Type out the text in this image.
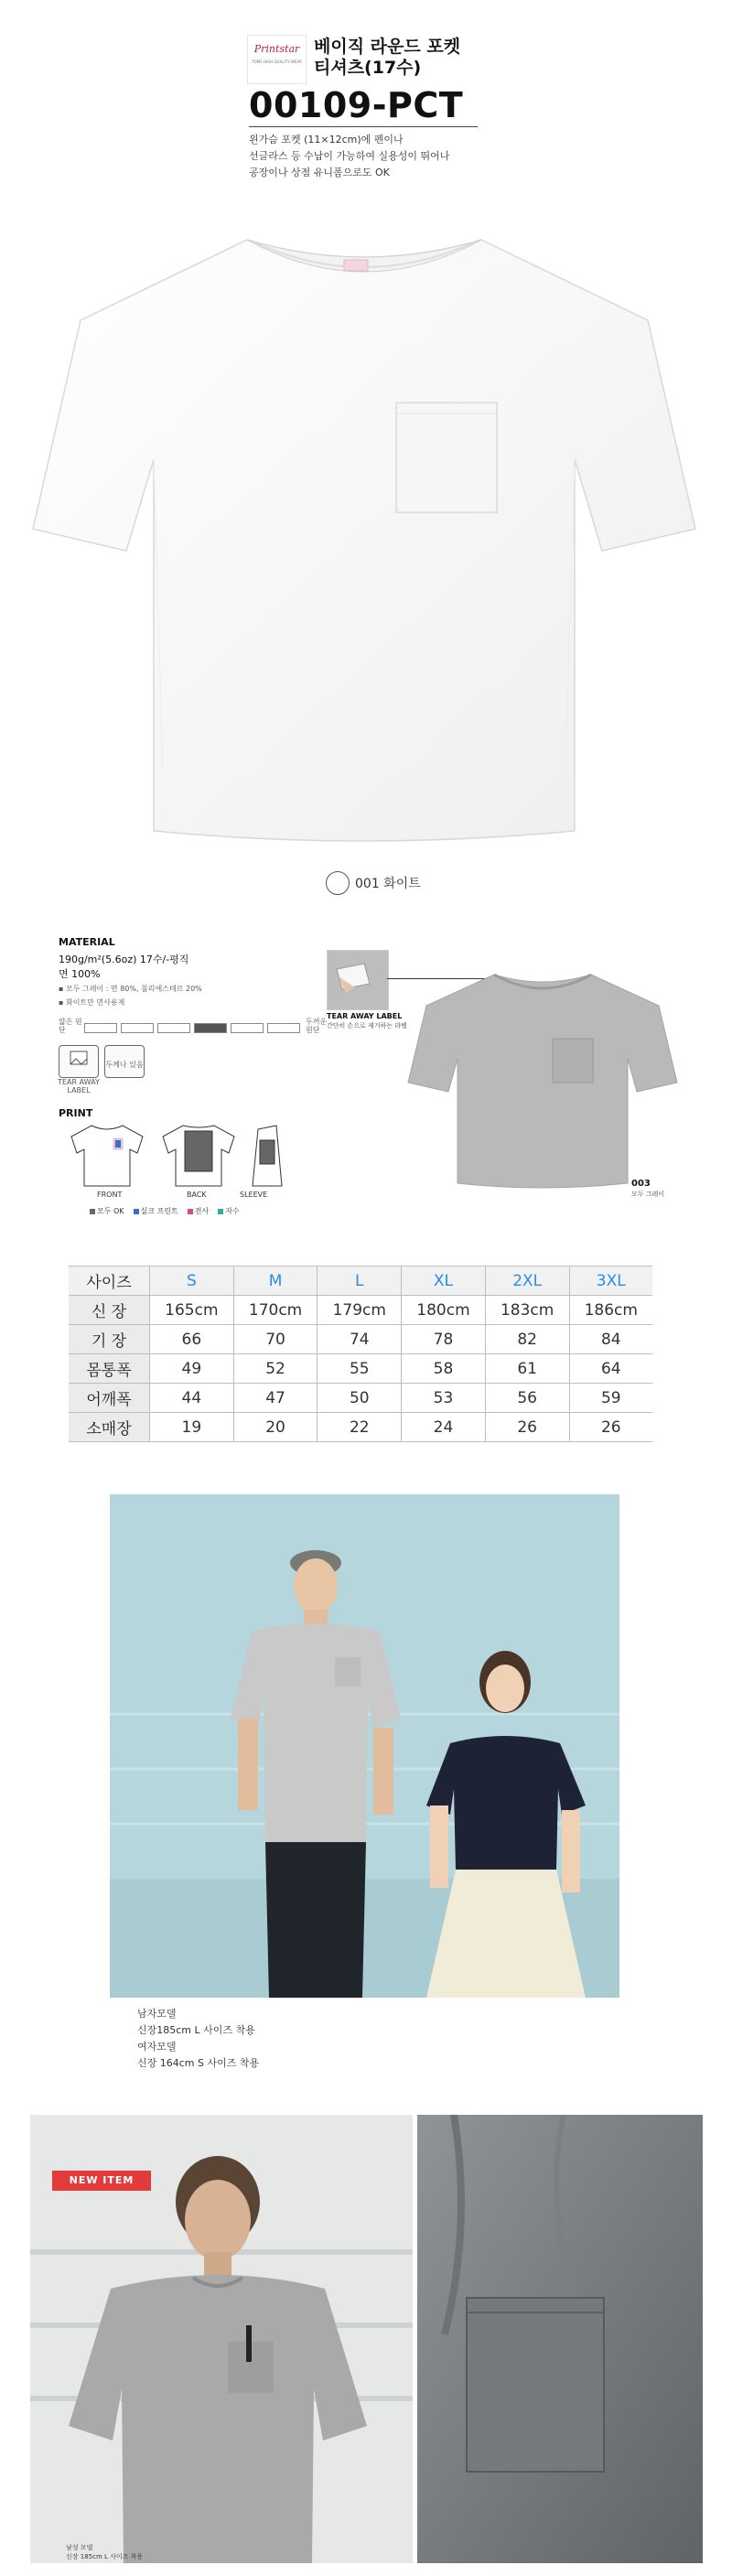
Printstar
TOMS HIGH QUALITY WEAR
베이직 라운드 포켓
티셔츠(17수)
00109-PCT
왼가슴 포켓 (11×12cm)에 펜이나
선글라스 등 수납이 가능하여 실용성이 뛰어나
공장이나 상점 유니폼으로도 OK
001 화이트
MATERIAL
190g/m²(5.6oz) 17수/-평직
면 100%
▪ 모두 그레이 : 면 80%, 폴리에스테르 20%
▪ 화이트만 면사용제
얇은 원단
두꺼운 원단
TEAR AWAY LABEL
두께나 있음
PRINT
FRONT	BACK	SLEEVE
모두 OK 실크 프린트 전사 자수
TEAR AWAY LABEL
간단히 손으로 제거하는 라벨
003
모두 그레이
사이즈	S	M	L	XL	2XL	3XL
신 장	165cm	170cm	179cm	180cm	183cm	186cm
기 장	66	70	74	78	82	84
몸통폭	49	52	55	58	61	64
어깨폭	44	47	50	53	56	59
소매장	19	20	22	24	26	26
남자모델
신장185cm L 사이즈 착용
여자모델
신장 164cm S 사이즈 착용
NEW ITEM
남성 모델
신장 185cm L 사이즈 착용
